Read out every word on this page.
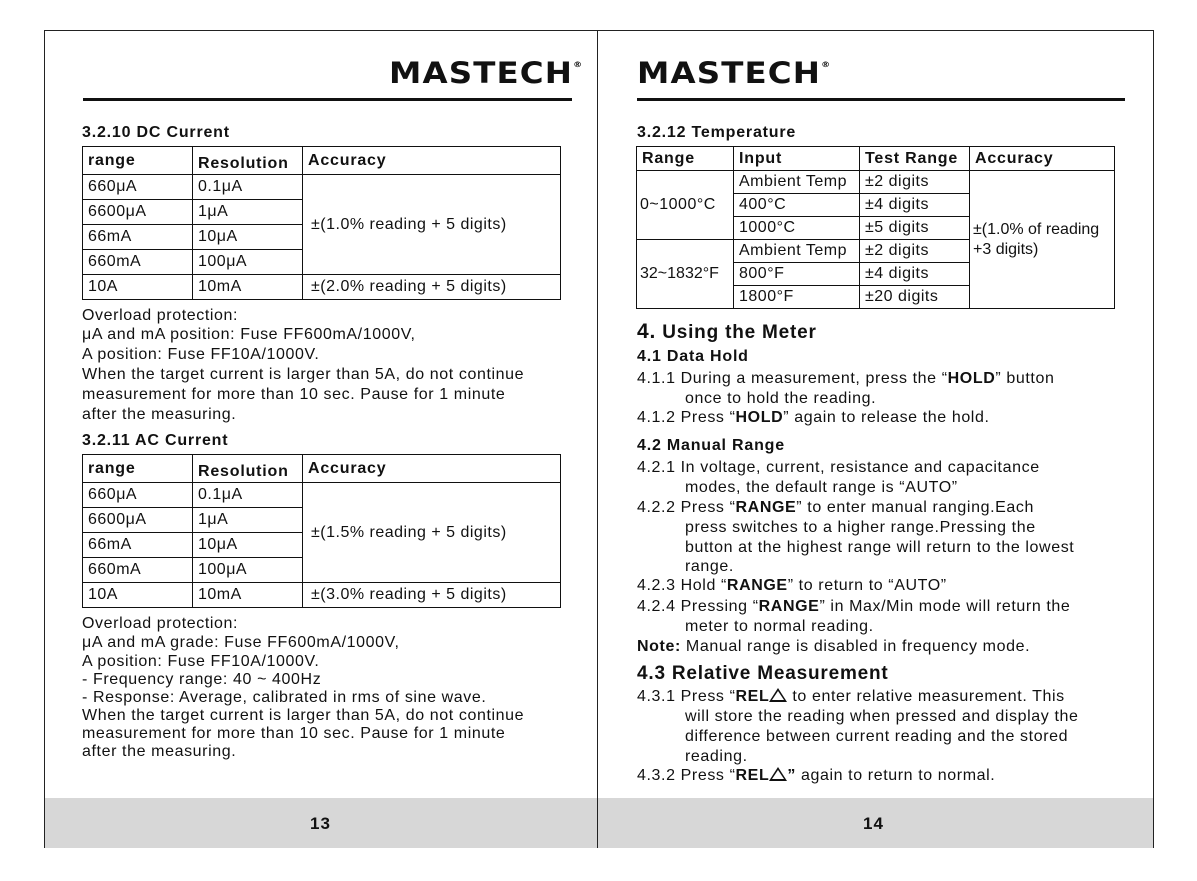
MASTECH®
3.2.10 DC Current
range	Resolution	Accuracy
660μA	0.1μA	±(1.0% reading + 5 digits)
6600μA	1μA	
66mA	10μA	
660mA	100μA	
10A	10mA	±(2.0% reading + 5 digits)
Overload protection:
μA and mA position: Fuse FF600mA/1000V,
A position: Fuse FF10A/1000V.
When the target current is larger than 5A, do not continue
measurement for more than 10 sec. Pause for 1 minute
after the measuring.
3.2.11 AC Current
range	Resolution	Accuracy
660μA	0.1μA	±(1.5% reading + 5 digits)
6600μA	1μA	
66mA	10μA	
660mA	100μA	
10A	10mA	±(3.0% reading + 5 digits)
Overload protection:
μA and mA grade: Fuse FF600mA/1000V,
A position: Fuse FF10A/1000V.
- Frequency range: 40 ~ 400Hz
- Response: Average, calibrated in rms of sine wave.
When the target current is larger than 5A, do not continue
measurement for more than 10 sec. Pause for 1 minute
after the measuring.
13
MASTECH®
3.2.12 Temperature
Range	Input	Test Range	Accuracy
0~1000°C	Ambient Temp	±2 digits	±(1.0% of reading
+3 digits)

	400°C	±4 digits	
	1000°C	±5 digits	
32~1832°F	Ambient Temp	±2 digits	
	800°F	±4 digits	
	1800°F	±20 digits	
4. Using the Meter
4.1 Data Hold
4.1.1 During a measurement, press the “HOLD” button
once to hold the reading.
4.1.2 Press “HOLD” again to release the hold.
4.2 Manual Range
4.2.1 In voltage, current, resistance and capacitance
modes, the default range is “AUTO”
4.2.2 Press “RANGE” to enter manual ranging.Each
press switches to a higher range.Pressing the
button at the highest range will return to the lowest
range.
4.2.3 Hold “RANGE” to return to “AUTO”
4.2.4 Pressing “RANGE” in Max/Min mode will return the
meter to normal reading.
Note: Manual range is disabled in frequency mode.
4.3 Relative Measurement
4.3.1 Press “REL to enter relative measurement. This
will store the reading when pressed and display the
difference between current reading and the stored
reading.
4.3.2 Press “REL ” again to return to normal.
14
